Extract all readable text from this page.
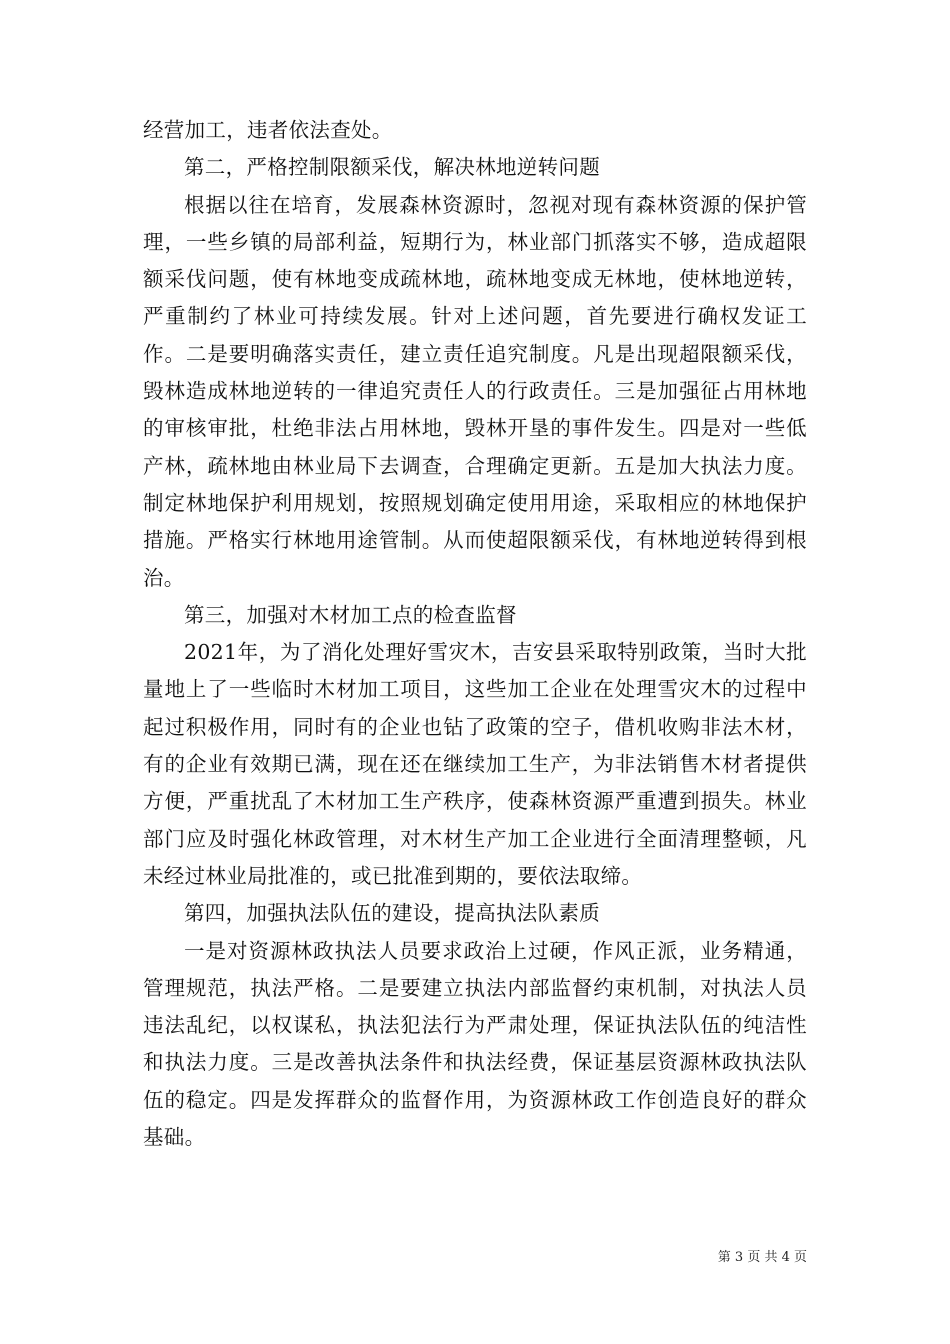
经营加工，违者依法查处。

第二，严格控制限额采伐，解决林地逆转问题

根据以往在培育，发展森林资源时，忽视对现有森林资源的保护管理，一些乡镇的局部利益，短期行为，林业部门抓落实不够，造成超限额采伐问题，使有林地变成疏林地，疏林地变成无林地，使林地逆转，严重制约了林业可持续发展。针对上述问题，首先要进行确权发证工作。二是要明确落实责任，建立责任追究制度。凡是出现超限额采伐，毁林造成林地逆转的一律追究责任人的行政责任。三是加强征占用林地的审核审批，杜绝非法占用林地，毁林开垦的事件发生。四是对一些低产林，疏林地由林业局下去调查，合理确定更新。五是加大执法力度。制定林地保护利用规划，按照规划确定使用用途，采取相应的林地保护措施。严格实行林地用途管制。从而使超限额采伐，有林地逆转得到根治。

第三，加强对木材加工点的检查监督

2021年，为了消化处理好雪灾木，吉安县采取特别政策，当时大批量地上了一些临时木材加工项目，这些加工企业在处理雪灾木的过程中起过积极作用，同时有的企业也钻了政策的空子，借机收购非法木材，有的企业有效期已满，现在还在继续加工生产，为非法销售木材者提供方便，严重扰乱了木材加工生产秩序，使森林资源严重遭到损失。林业部门应及时强化林政管理，对木材生产加工企业进行全面清理整顿，凡未经过林业局批准的，或已批准到期的，要依法取缔。

第四，加强执法队伍的建设，提高执法队素质

一是对资源林政执法人员要求政治上过硬，作风正派，业务精通，管理规范，执法严格。二是要建立执法内部监督约束机制，对执法人员违法乱纪，以权谋私，执法犯法行为严肃处理，保证执法队伍的纯洁性和执法力度。三是改善执法条件和执法经费，保证基层资源林政执法队伍的稳定。四是发挥群众的监督作用，为资源林政工作创造良好的群众基础。

第 3 页 共 4 页
